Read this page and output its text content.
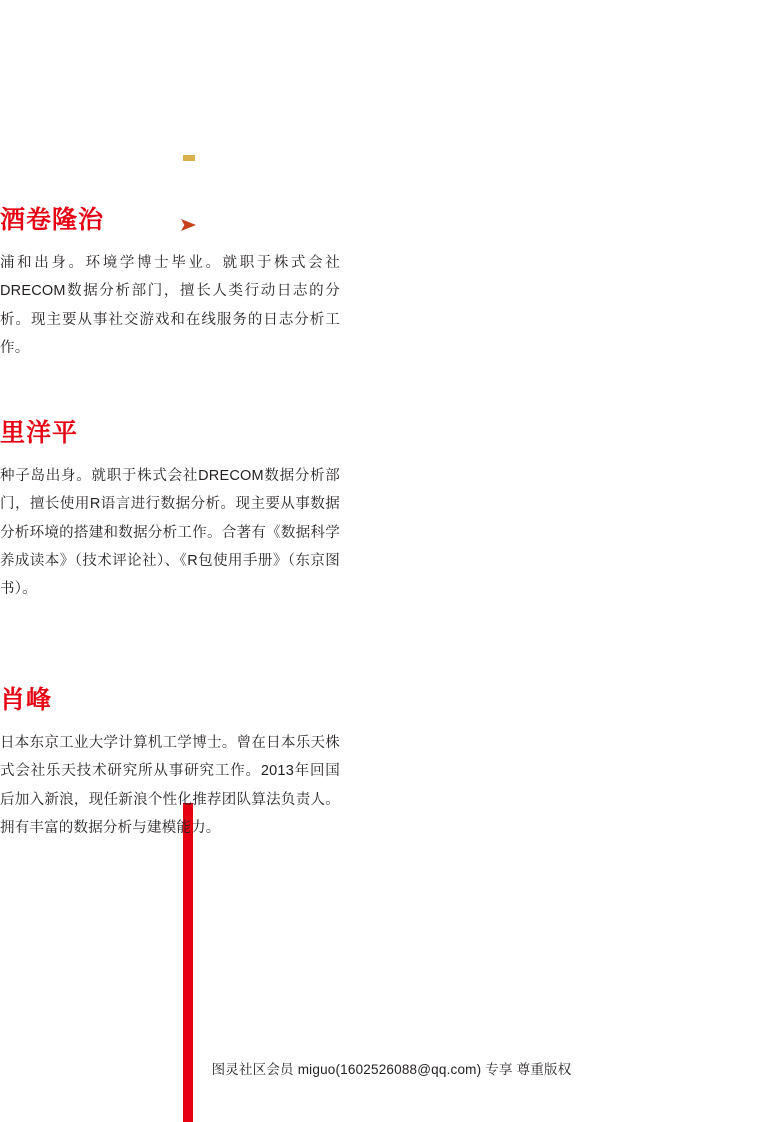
酒卷隆治

浦和出身。环境学博士毕业。就职于株式会社DRECOM数据分析部门，擅长人类行动日志的分析。现主要从事社交游戏和在线服务的日志分析工作。

里洋平

种子岛出身。就职于株式会社DRECOM数据分析部门，擅长使用R语言进行数据分析。现主要从事数据分析环境的搭建和数据分析工作。合著有《数据科学养成读本》（技术评论社）、《R包使用手册》（东京图书）。

肖峰

日本东京工业大学计算机工学博士。曾在日本乐天株式会社乐天技术研究所从事研究工作。2013年回国后加入新浪，现任新浪个性化推荐团队算法负责人。拥有丰富的数据分析与建模能力。

图灵社区会员 miguo(1602526088@qq.com) 专享 尊重版权
